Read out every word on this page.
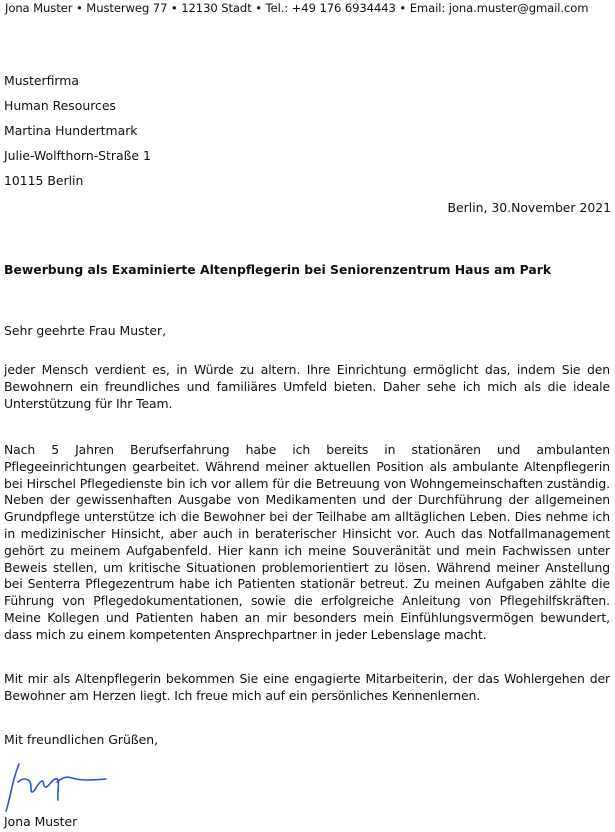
Jona Muster • Musterweg 77 • 12130 Stadt • Tel.: +49 176 6934443 • Email: jona.muster@gmail.com
Musterfirma
Human Resources
Martina Hundertmark
Julie-Wolfthorn-Straße 1
10115 Berlin
Berlin, 30.November 2021
Bewerbung als Examinierte Altenpflegerin bei Seniorenzentrum Haus am Park
Sehr geehrte Frau Muster,

jeder Mensch verdient es, in Würde zu altern. Ihre Einrichtung ermöglicht das, indem Sie den Bewohnern ein freundliches und familiäres Umfeld bieten. Daher sehe ich mich als die ideale Unterstützung für Ihr Team.

Nach 5 Jahren Berufserfahrung habe ich bereits in stationären und ambulanten Pflegeeinrichtungen gearbeitet. Während meiner aktuellen Position als ambulante Altenpflegerin bei Hirschel Pflegedienste bin ich vor allem für die Betreuung von Wohngemeinschaften zuständig. Neben der gewissenhaften Ausgabe von Medikamenten und der Durchführung der allgemeinen Grundpflege unterstütze ich die Bewohner bei der Teilhabe am alltäglichen Leben. Dies nehme ich in medizinischer Hinsicht, aber auch in beraterischer Hinsicht vor. Auch das Notfallmanagement gehört zu meinem Aufgabenfeld. Hier kann ich meine Souveränität und mein Fachwissen unter Beweis stellen, um kritische Situationen problemorientiert zu lösen. Während meiner Anstellung bei Senterra Pflegezentrum habe ich Patienten stationär betreut. Zu meinen Aufgaben zählte die Führung von Pflegedokumentationen, sowie die erfolgreiche Anleitung von Pflegehilfskräften. Meine Kollegen und Patienten haben an mir besonders mein Einfühlungsvermögen bewundert, dass mich zu einem kompetenten Ansprechpartner in jeder Lebenslage macht.

Mit mir als Altenpflegerin bekommen Sie eine engagierte Mitarbeiterin, der das Wohlergehen der Bewohner am Herzen liegt. Ich freue mich auf ein persönliches Kennenlernen.

Mit freundlichen Grüßen,
Jona Muster
